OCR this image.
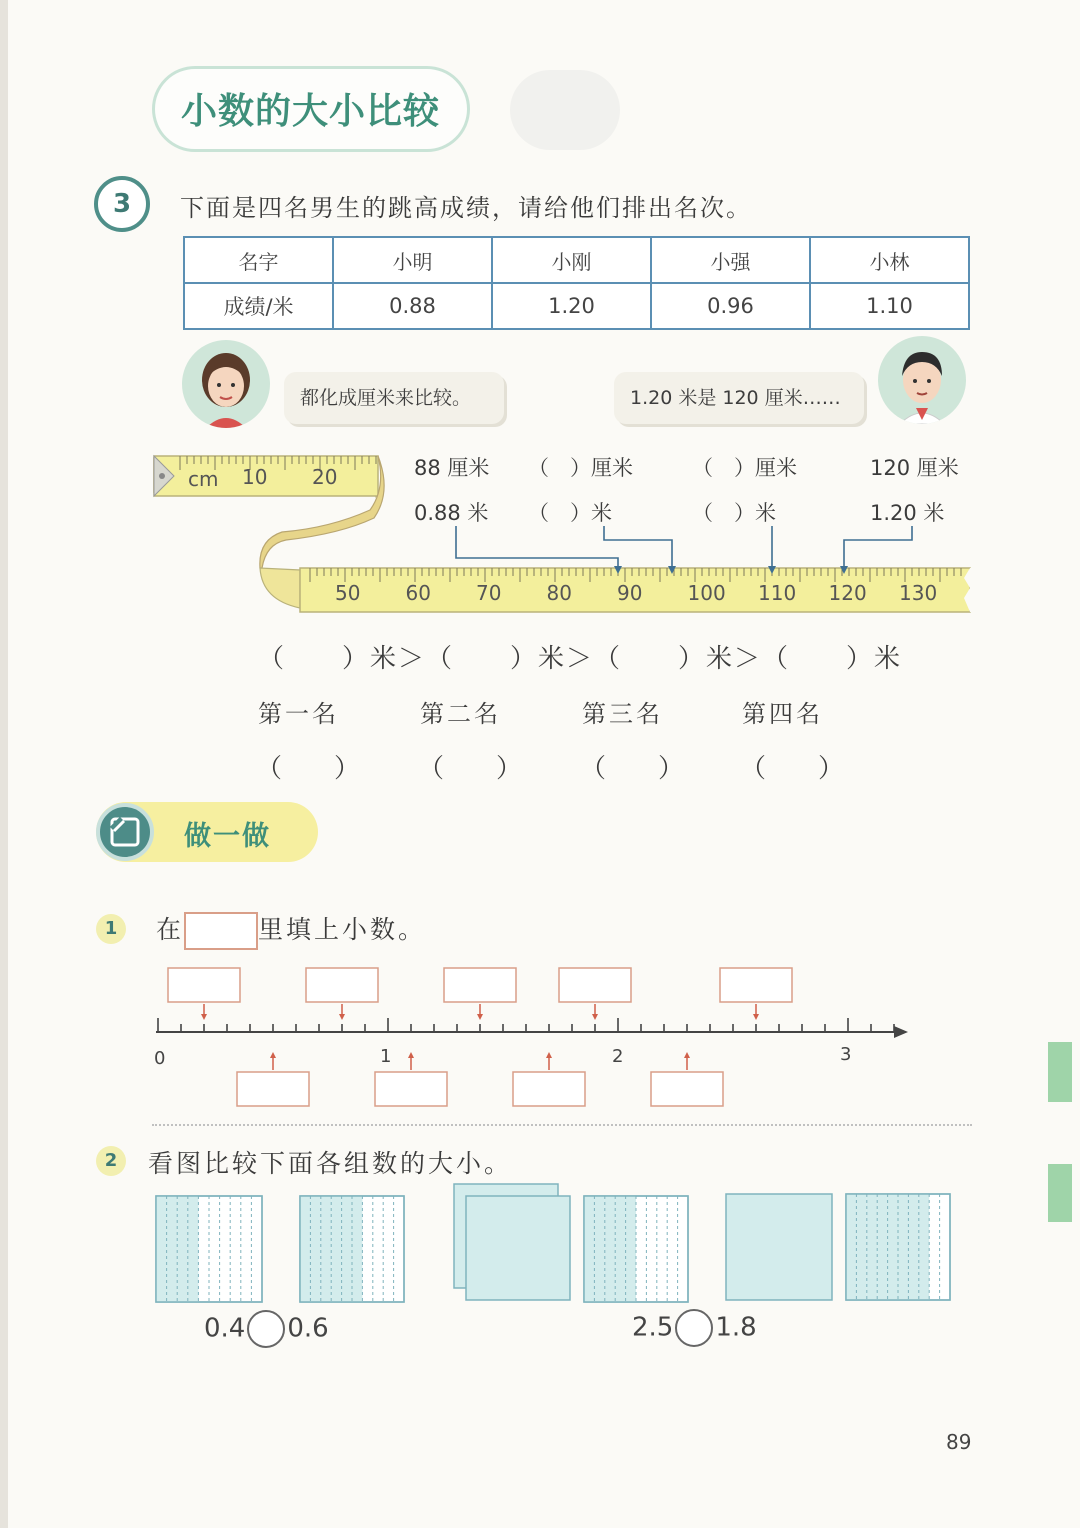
小数的大小比较
3	下面是四名男生的跳高成绩，请给他们排出名次。
名字	小明	小刚	小强	小林
成绩/米	0.88	1.20	0.96	1.10
都化成厘米来比较。	1.20 米是 120 厘米……
cm 10 20
50 60 70 80 90 100 110 120 130
88 厘米 （　）厘米	（　）厘米	120 厘米
0.88 米 （　）米	（　）米	1.20 米
（　　）米＞（　　）米＞（　　）米＞（　　）米
第一名	第二名	第三名	第四名
（　　） （　　） （　　） （　　）
做一做
1	在	里填上小数。
0	1	2	3
2	看图比较下面各组数的大小。
0.4 0.6	2.5 1.8
89
